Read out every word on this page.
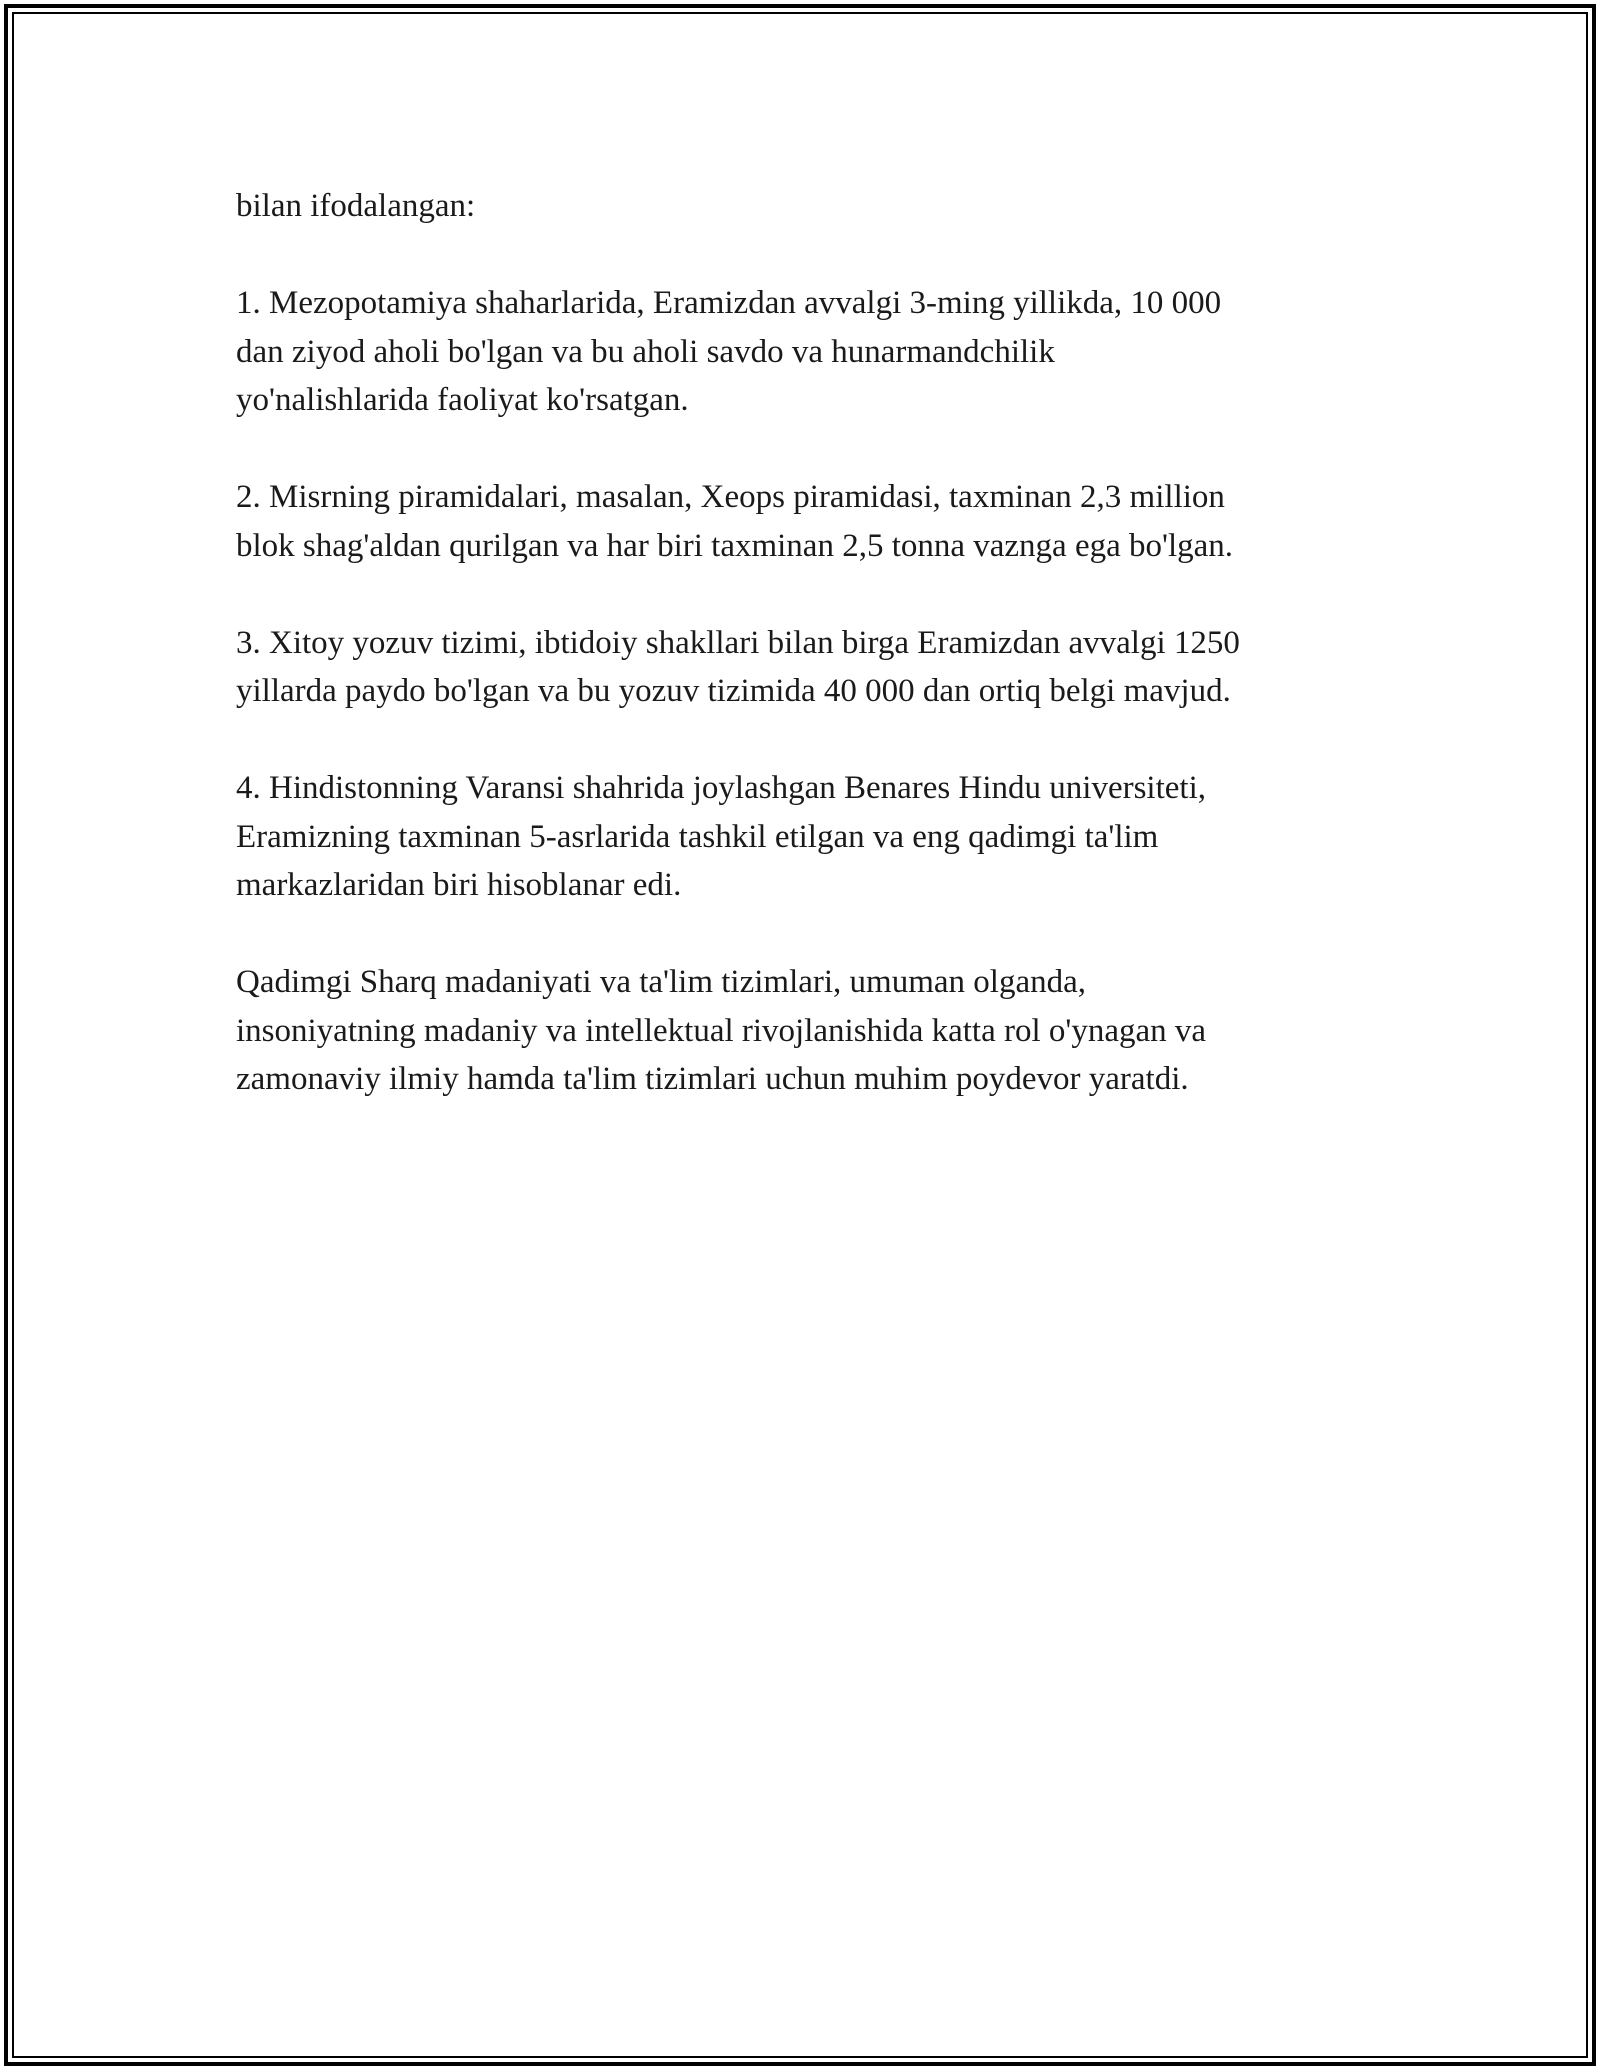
bilan ifodalangan:

1. Mezopotamiya shaharlarida, Eramizdan avvalgi 3-ming yillikda, 10 000
dan ziyod aholi bo'lgan va bu aholi savdo va hunarmandchilik
yo'nalishlarida faoliyat ko'rsatgan.

2. Misrning piramidalari, masalan, Xeops piramidasi, taxminan 2,3 million
blok shag'aldan qurilgan va har biri taxminan 2,5 tonna vaznga ega bo'lgan.

3. Xitoy yozuv tizimi, ibtidoiy shakllari bilan birga Eramizdan avvalgi 1250
yillarda paydo bo'lgan va bu yozuv tizimida 40 000 dan ortiq belgi mavjud.

4. Hindistonning Varansi shahrida joylashgan Benares Hindu universiteti,
Eramizning taxminan 5-asrlarida tashkil etilgan va eng qadimgi ta'lim
markazlaridan biri hisoblanar edi.

Qadimgi Sharq madaniyati va ta'lim tizimlari, umuman olganda,
insoniyatning madaniy va intellektual rivojlanishida katta rol o'ynagan va
zamonaviy ilmiy hamda ta'lim tizimlari uchun muhim poydevor yaratdi.
